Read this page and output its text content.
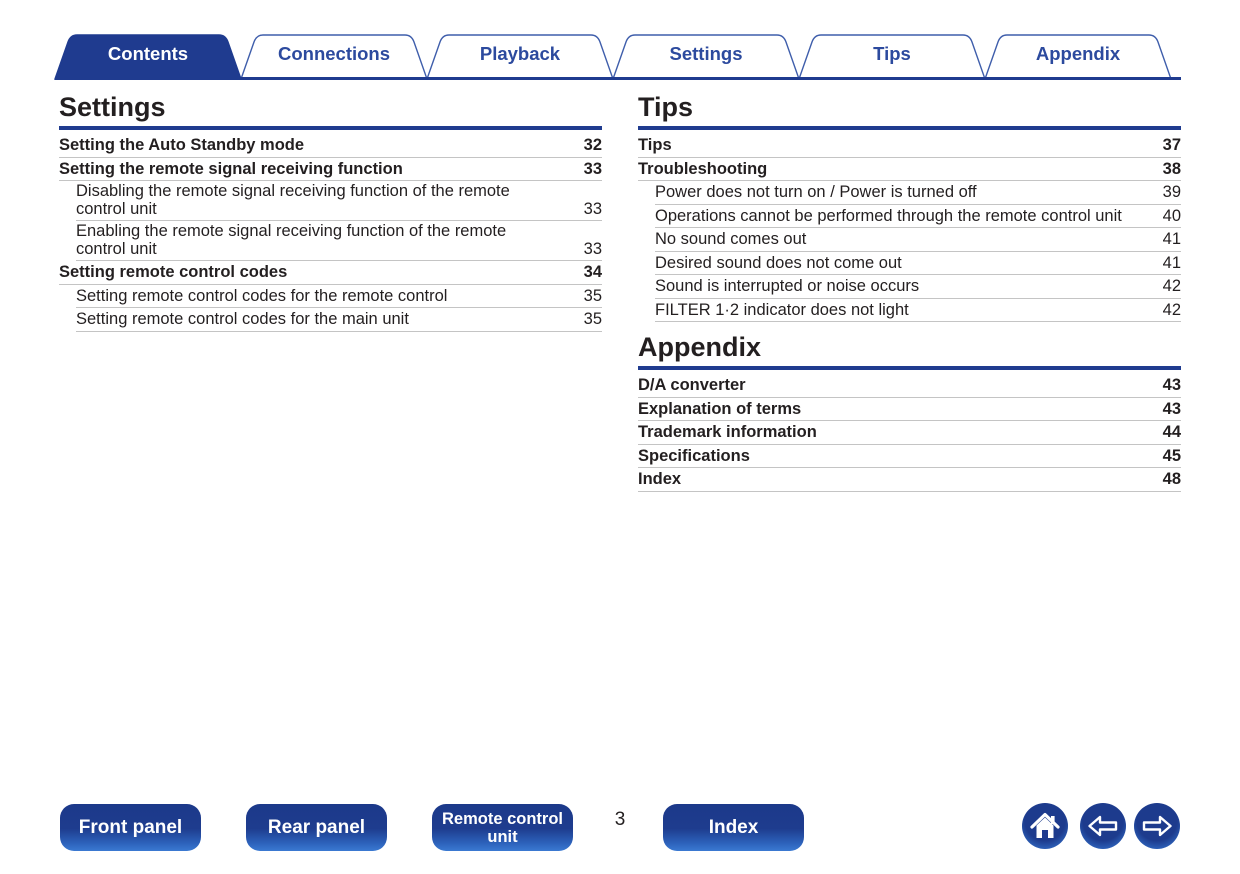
Contents	Connections	Playback	Settings	Tips	Appendix
Settings
Setting the Auto Standby mode	32
Setting the remote signal receiving function	33
Disabling the remote signal receiving function of the remote control unit	33
Enabling the remote signal receiving function of the remote control unit	33
Setting remote control codes	34
Setting remote control codes for the remote control	35
Setting remote control codes for the main unit	35
Tips
Tips	37
Troubleshooting	38
Power does not turn on / Power is turned off	39
Operations cannot be performed through the remote control unit 40
No sound comes out	41
Desired sound does not come out	41
Sound is interrupted or noise occurs	42
FILTER 1·2 indicator does not light	42
Appendix
D/A converter	43
Explanation of terms	43
Trademark information	44
Specifications	45
Index	48
Front panel	Rear panel	Remote control unit
3	Index
